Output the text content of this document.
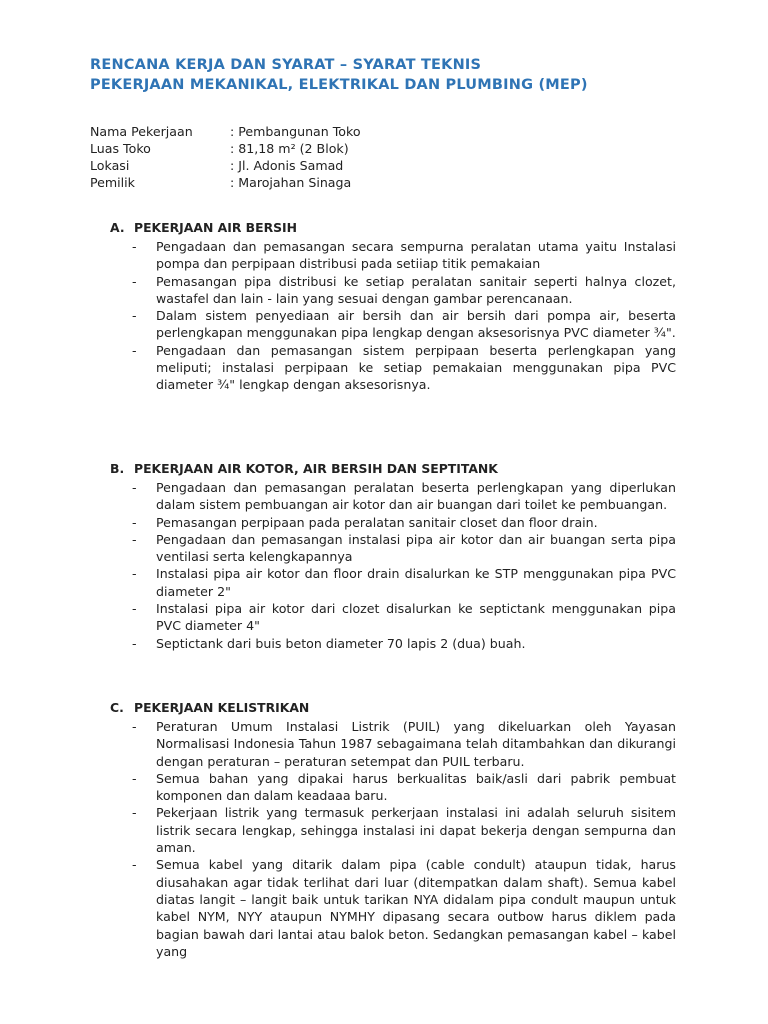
RENCANA KERJA DAN SYARAT – SYARAT TEKNIS
PEKERJAAN MEKANIKAL, ELEKTRIKAL DAN PLUMBING (MEP)
Nama Pekerjaan	: Pembangunan Toko
Luas Toko	: 81,18 m² (2 Blok)
Lokasi	: Jl. Adonis Samad
Pemilik	: Marojahan Sinaga
A. PEKERJAAN AIR BERSIH
-	Pengadaan dan pemasangan secara sempurna peralatan utama yaitu Instalasi pompa dan perpipaan distribusi pada setiiap titik pemakaian
-	Pemasangan pipa distribusi ke setiap peralatan sanitair seperti halnya clozet, wastafel dan lain - lain yang sesuai dengan gambar perencanaan.
-	Dalam sistem penyediaan air bersih dan air bersih dari pompa air, beserta perlengkapan menggunakan pipa lengkap dengan aksesorisnya PVC diameter ¾".
-	Pengadaan dan pemasangan sistem perpipaan beserta perlengkapan yang meliputi; instalasi perpipaan ke setiap pemakaian menggunakan pipa PVC diameter ¾" lengkap dengan aksesorisnya.
B. PEKERJAAN AIR KOTOR, AIR BERSIH DAN SEPTITANK
-	Pengadaan dan pemasangan peralatan beserta perlengkapan yang diperlukan dalam sistem pembuangan air kotor dan air buangan dari toilet ke pembuangan.
-	Pemasangan perpipaan pada peralatan sanitair closet dan floor drain.
-	Pengadaan dan pemasangan instalasi pipa air kotor dan air buangan serta pipa ventilasi serta kelengkapannya
-	Instalasi pipa air kotor dan floor drain disalurkan ke STP menggunakan pipa PVC diameter 2"
-	Instalasi pipa air kotor dari clozet disalurkan ke septictank menggunakan pipa PVC diameter 4"
-	Septictank dari buis beton diameter 70 lapis 2 (dua) buah.
C. PEKERJAAN KELISTRIKAN
-	Peraturan Umum Instalasi Listrik (PUIL) yang dikeluarkan oleh Yayasan Normalisasi Indonesia Tahun 1987 sebagaimana telah ditambahkan dan dikurangi dengan peraturan – peraturan setempat dan PUIL terbaru.
-	Semua bahan yang dipakai harus berkualitas baik/asli dari pabrik pembuat komponen dan dalam keadaaa baru.
-	Pekerjaan listrik yang termasuk perkerjaan instalasi ini adalah seluruh sisitem listrik secara lengkap, sehingga instalasi ini dapat bekerja dengan sempurna dan aman.
-	Semua kabel yang ditarik dalam pipa (cable condult) ataupun tidak, harus diusahakan agar tidak terlihat dari luar (ditempatkan dalam shaft). Semua kabel diatas langit – langit baik untuk tarikan NYA didalam pipa condult maupun untuk kabel NYM, NYY ataupun NYMHY dipasang secara outbow harus diklem pada bagian bawah dari lantai atau balok beton. Sedangkan pemasangan kabel – kabel yang
